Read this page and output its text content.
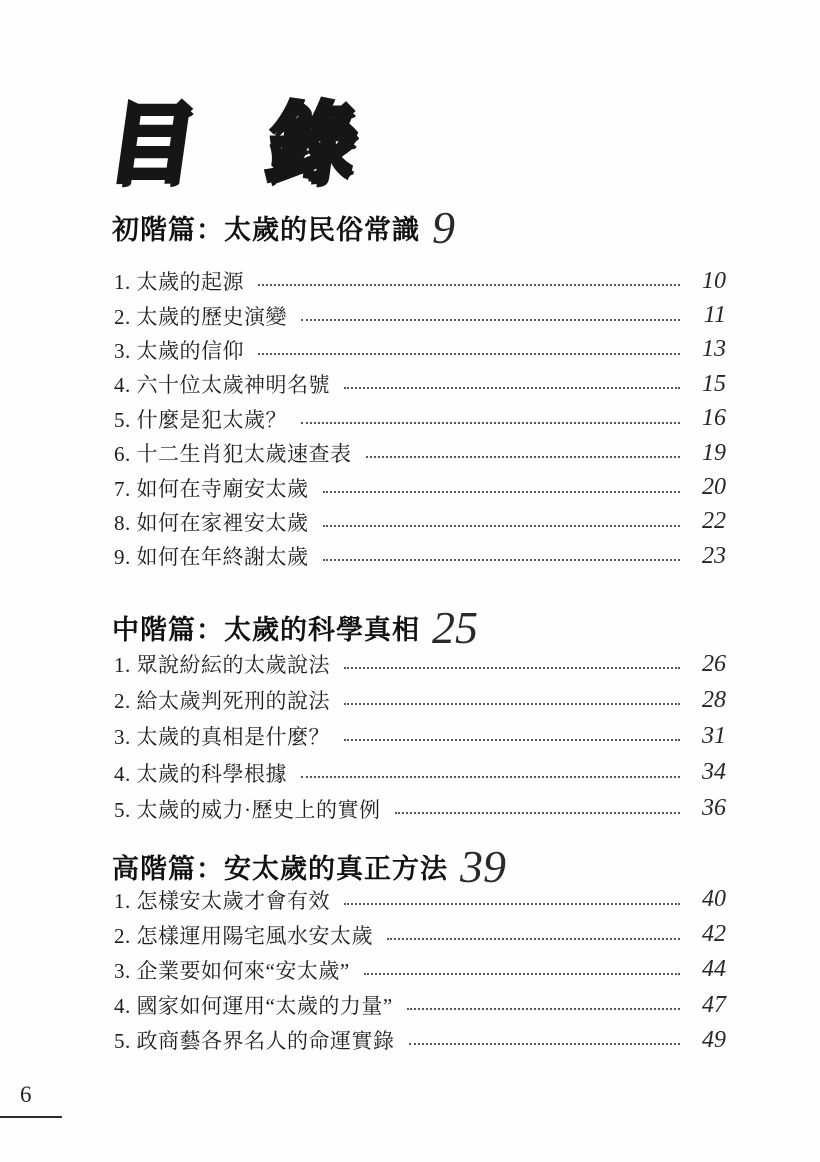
目 錄
初階篇：太歲的民俗常識 9
1. 太歲的起源	10
2. 太歲的歷史演變	11
3. 太歲的信仰	13
4. 六十位太歲神明名號	15
5. 什麼是犯太歲？	16
6. 十二生肖犯太歲速查表	19
7. 如何在寺廟安太歲	20
8. 如何在家裡安太歲	22
9. 如何在年終謝太歲	23
中階篇：太歲的科學真相 25
1. 眾說紛紜的太歲說法	26
2. 給太歲判死刑的說法	28
3. 太歲的真相是什麼？	31
4. 太歲的科學根據	34
5. 太歲的威力·歷史上的實例	36
高階篇：安太歲的真正方法 39
1. 怎樣安太歲才會有效	40
2. 怎樣運用陽宅風水安太歲	42
3. 企業要如何來“安太歲”	44
4. 國家如何運用“太歲的力量”	47
5. 政商藝各界名人的命運實錄	49
6
